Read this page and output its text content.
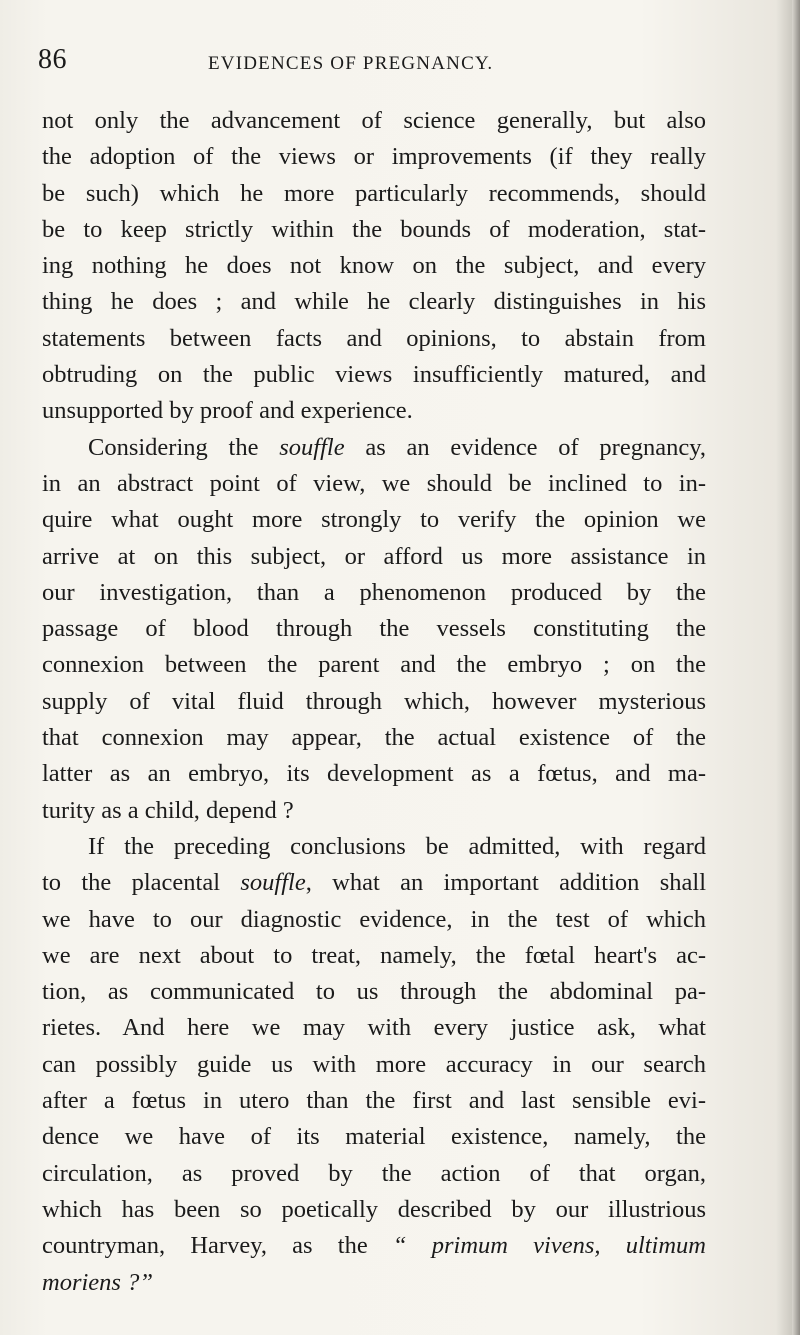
86	EVIDENCES OF PREGNANCY.
not only the advancement of science generally, but also
the adoption of the views or improvements (if they really
be such) which he more particularly recommends, should
be to keep strictly within the bounds of moderation, stat-
ing nothing he does not know on the subject, and every
thing he does ; and while he clearly distinguishes in his
statements between facts and opinions, to abstain from
obtruding on the public views insufficiently matured, and
unsupported by proof and experience.
Considering the souffle as an evidence of pregnancy,
in an abstract point of view, we should be inclined to in-
quire what ought more strongly to verify the opinion we
arrive at on this subject, or afford us more assistance in
our investigation, than a phenomenon produced by the
passage of blood through the vessels constituting the
connexion between the parent and the embryo ; on the
supply of vital fluid through which, however mysterious
that connexion may appear, the actual existence of the
latter as an embryo, its development as a fœtus, and ma-
turity as a child, depend ?
If the preceding conclusions be admitted, with regard
to the placental souffle, what an important addition shall
we have to our diagnostic evidence, in the test of which
we are next about to treat, namely, the fœtal heart's ac-
tion, as communicated to us through the abdominal pa-
rietes. And here we may with every justice ask, what
can possibly guide us with more accuracy in our search
after a fœtus in utero than the first and last sensible evi-
dence we have of its material existence, namely, the
circulation, as proved by the action of that organ,
which has been so poetically described by our illustrious
countryman, Harvey, as the “ primum vivens, ultimum
moriens ?”
